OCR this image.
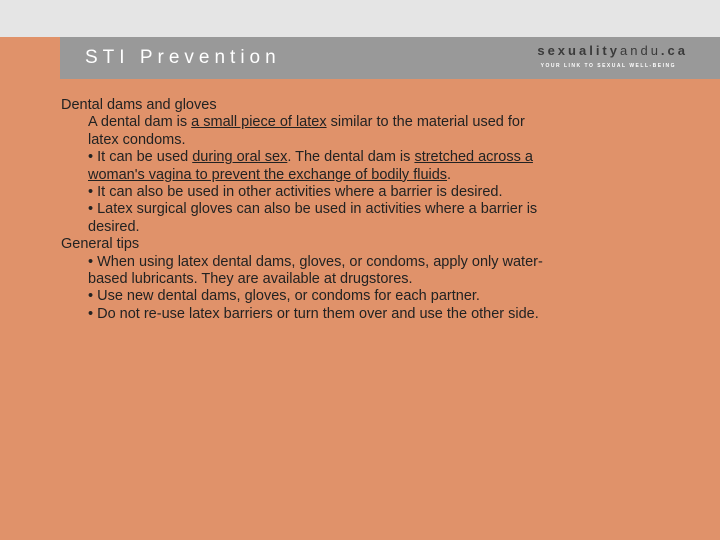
STI Prevention	sexualityandu.ca
YOUR LINK TO SEXUAL WELL-BEING

Dental dams and gloves

A dental dam is a small piece of latex similar to the material used for latex condoms.

• It can be used during oral sex. The dental dam is stretched across a woman's vagina to prevent the exchange of bodily fluids.

• It can also be used in other activities where a barrier is desired.

• Latex surgical gloves can also be used in activities where a barrier is desired.

General tips

• When using latex dental dams, gloves, or condoms, apply only water- based lubricants. They are available at drugstores.

• Use new dental dams, gloves, or condoms for each partner.

• Do not re-use latex barriers or turn them over and use the other side.
